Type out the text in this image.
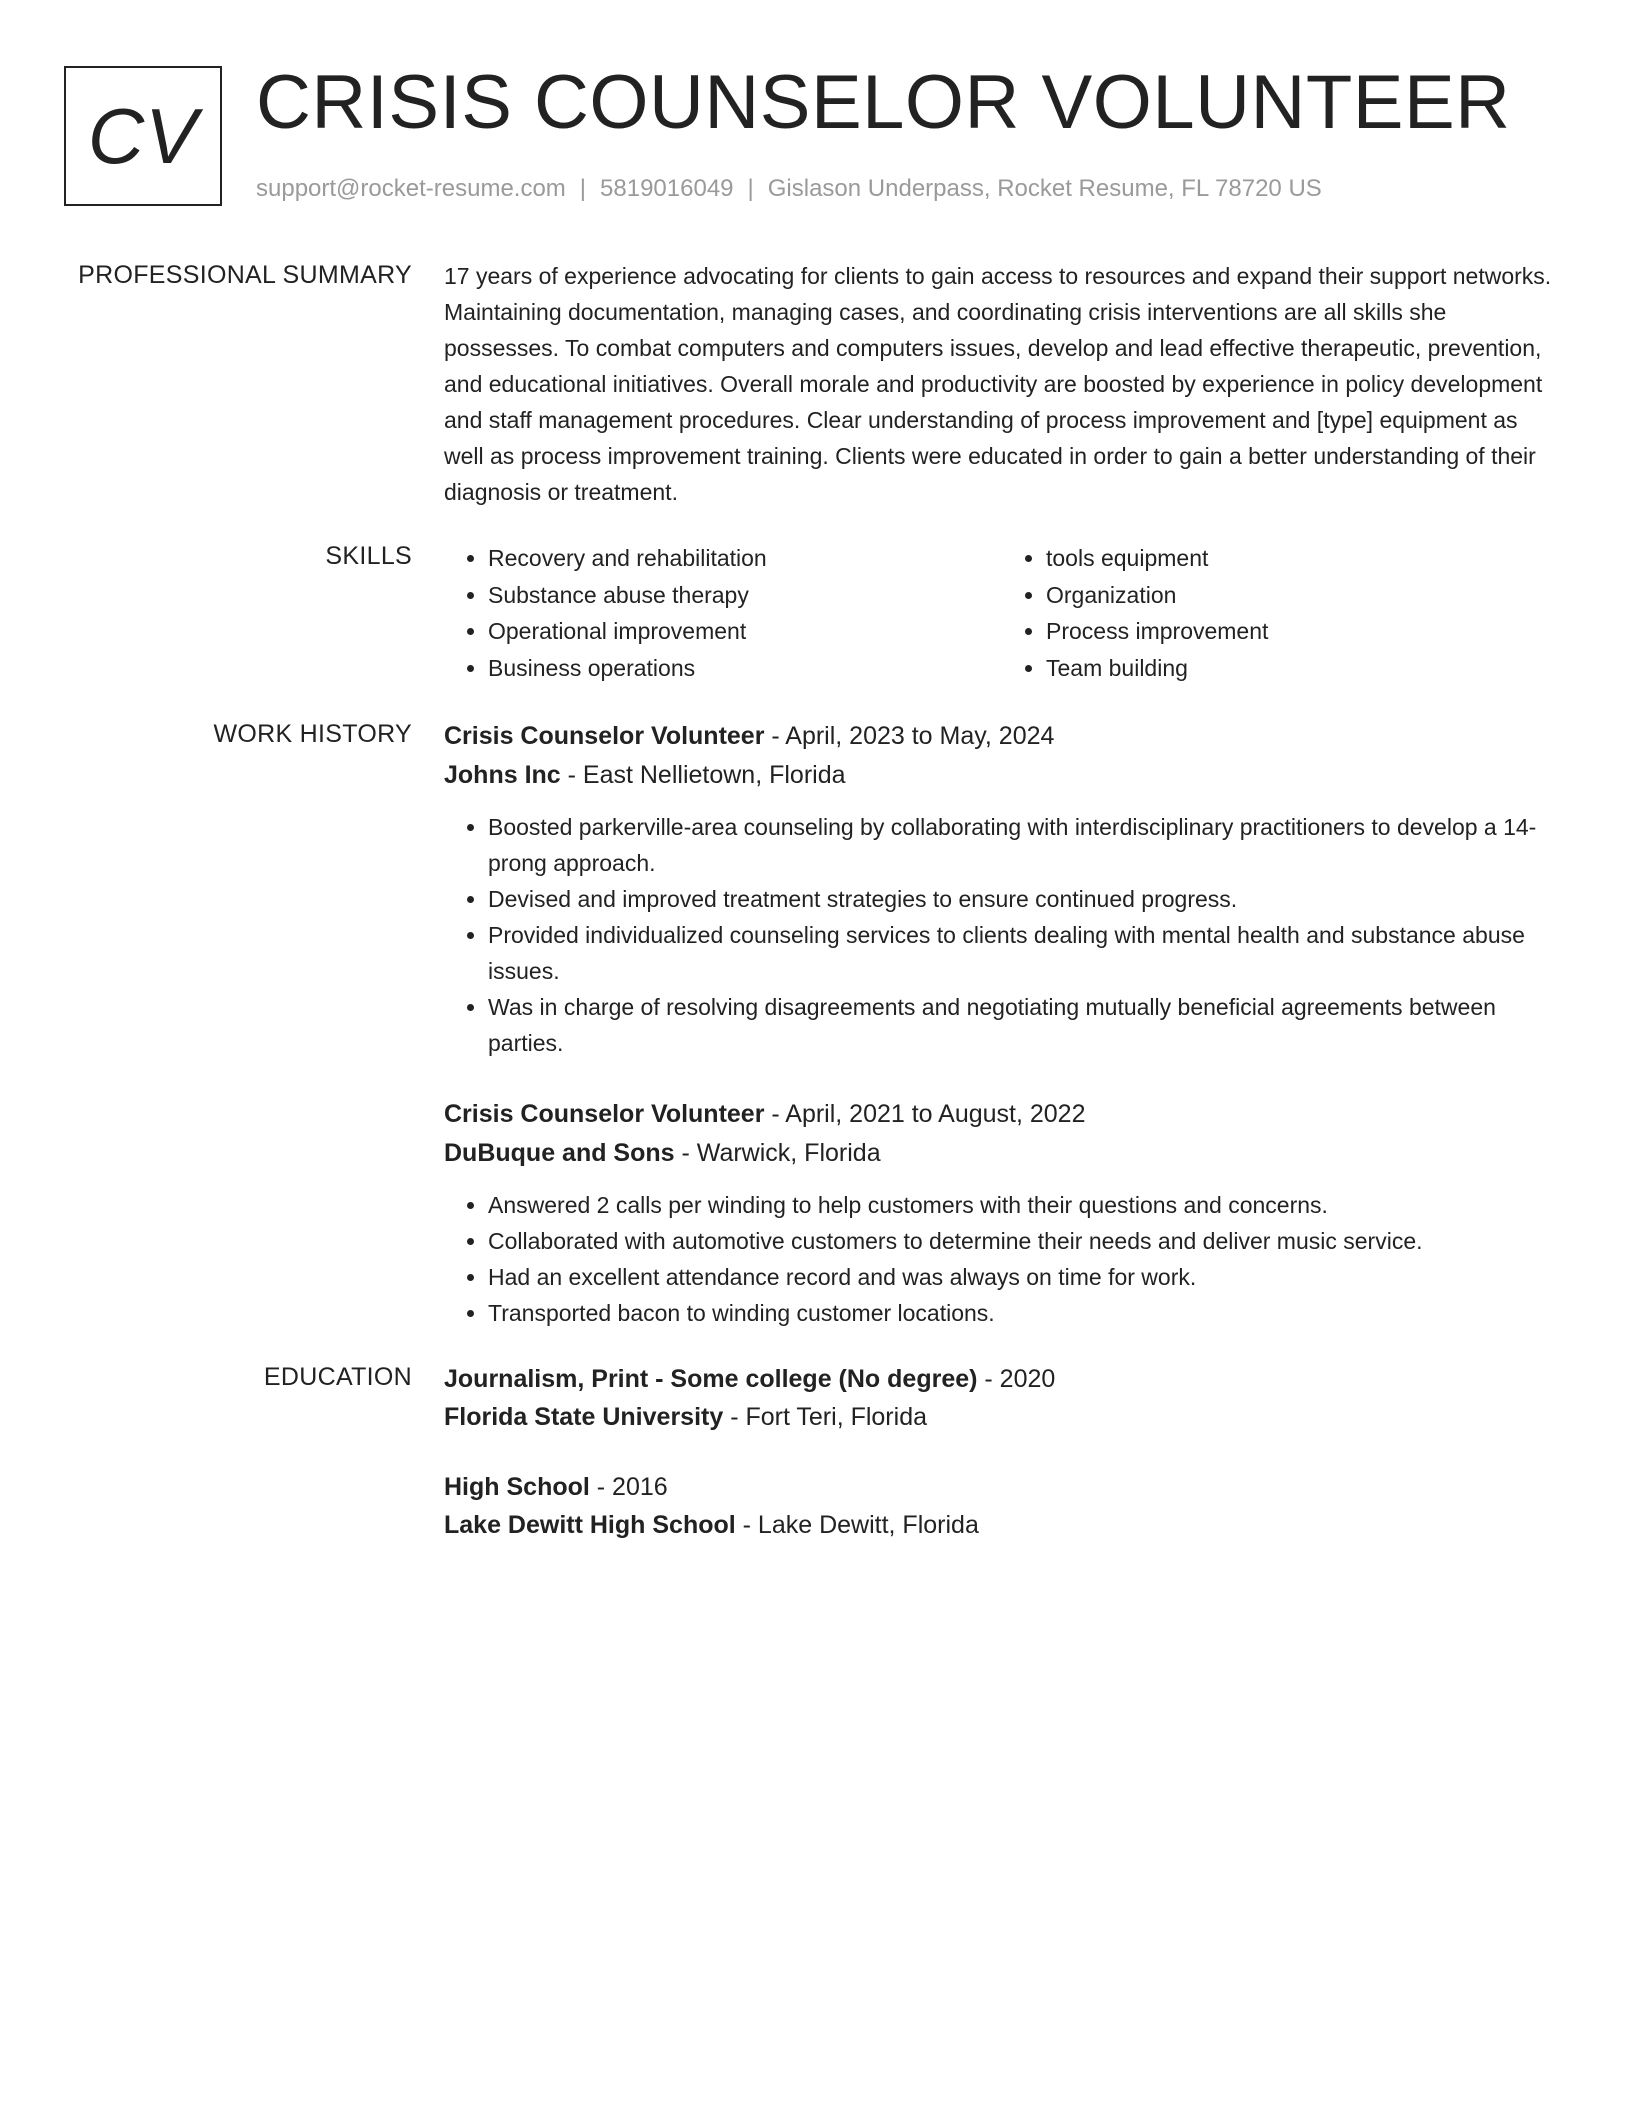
CV CRISIS COUNSELOR VOLUNTEER
support@rocket-resume.com | 5819016049 | Gislason Underpass, Rocket Resume, FL 78720 US
PROFESSIONAL SUMMARY 17 years of experience advocating for clients to gain access to resources and expand their support networks. Maintaining documentation, managing cases, and coordinating crisis interventions are all skills she possesses. To combat computers and computers issues, develop and lead effective therapeutic, prevention, and educational initiatives. Overall morale and productivity are boosted by experience in policy development and staff management procedures. Clear understanding of process improvement and [type] equipment as well as process improvement training. Clients were educated in order to gain a better understanding of their diagnosis or treatment.

SKILLS
•	Recovery and rehabilitation
• Substance abuse therapy
• Operational improvement
• Business operations
• tools equipment
• Organization
• Process improvement
• Team building
WORK HISTORY Crisis Counselor Volunteer - April, 2023 to May, 2024
Johns Inc - East Nellietown, Florida
• Boosted parkerville-area counseling by collaborating with interdisciplinary practitioners to develop a 14-prong approach.
• Devised and improved treatment strategies to ensure continued progress.
• Provided individualized counseling services to clients dealing with mental health and substance abuse issues.
• Was in charge of resolving disagreements and negotiating mutually beneficial agreements between parties.
Crisis Counselor Volunteer - April, 2021 to August, 2022
DuBuque and Sons - Warwick, Florida
• Answered 2 calls per winding to help customers with their questions and concerns.
• Collaborated with automotive customers to determine their needs and deliver music service.
• Had an excellent attendance record and was always on time for work.
• Transported bacon to winding customer locations.
EDUCATION Journalism, Print - Some college (No degree) - 2020
Florida State University - Fort Teri, Florida
High School - 2016
Lake Dewitt High School - Lake Dewitt, Florida
